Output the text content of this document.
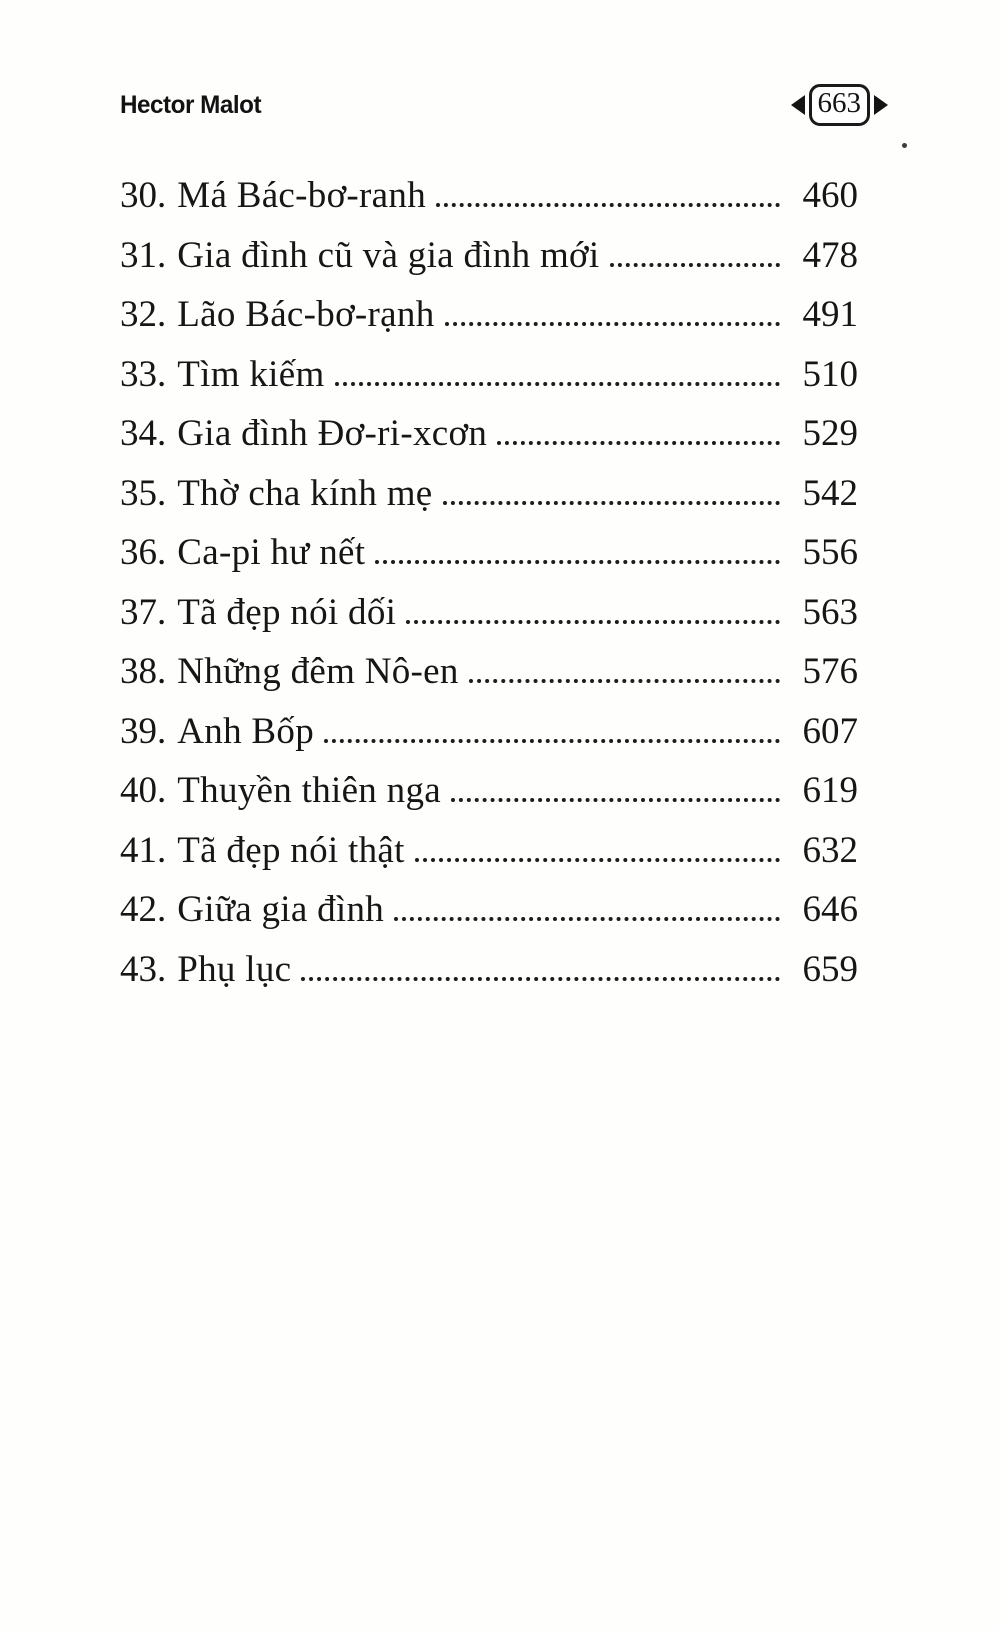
Hector Malot	663
30. Má Bác-bơ-ranh	460
31. Gia đình cũ và gia đình mới	478
32. Lão Bác-bơ-rạnh	491
33. Tìm kiếm	510
34. Gia đình Đơ-ri-xcơn	529
35. Thờ cha kính mẹ	542
36. Ca-pi hư nết	556
37. Tã đẹp nói dối	563
38. Những đêm Nô-en	576
39. Anh Bốp	607
40. Thuyền thiên nga	619
41. Tã đẹp nói thật	632
42. Giữa gia đình	646
43. Phụ lục	659
